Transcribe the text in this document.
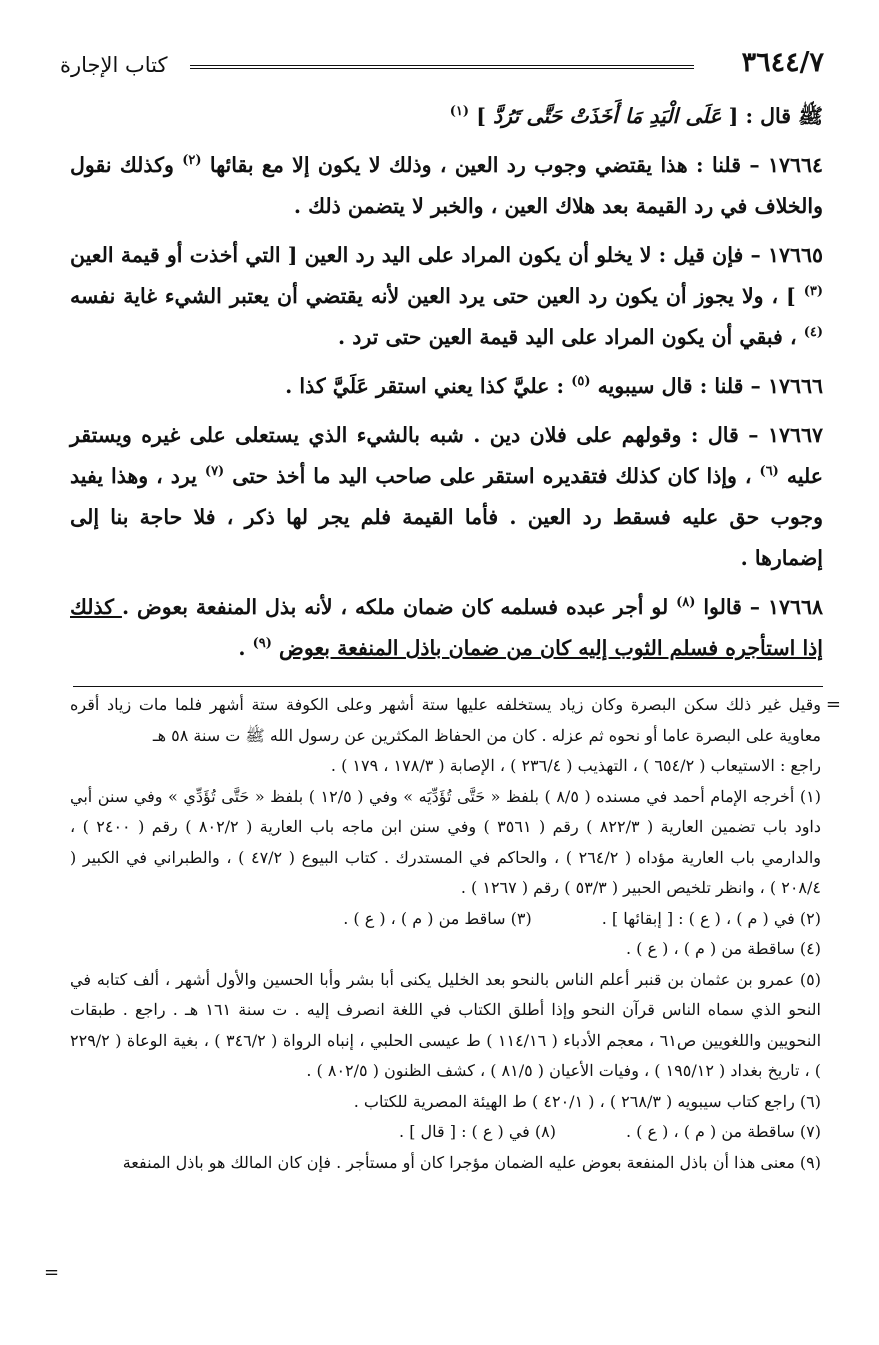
٣٦٤٤/٧
كتاب الإجارة

ﷺ قال : [ عَلَى الْيَدِ مَا أَخَذَتْ حَتَّى تَرُدَّ ] $^{(١)}$

١٧٦٦٤ – قلنا : هذا يقتضي وجوب رد العين ، وذلك لا يكون إلا مع بقائها $^{(٢)}$ وكذلك نقول والخلاف في رد القيمة بعد هلاك العين ، والخبر لا يتضمن ذلك .

١٧٦٦٥ – فإن قيل : لا يخلو أن يكون المراد على اليد رد العين [ التي أخذت أو قيمة العين $^{(٣)}$ ] ، ولا يجوز أن يكون رد العين حتى يرد العين لأنه يقتضي أن يعتبر الشيء غاية نفسه $^{(٤)}$ ، فبقي أن يكون المراد على اليد قيمة العين حتى ترد .

١٧٦٦٦ – قلنا : قال سيبويه $^{(٥)}$ : عليَّ كذا يعني استقر عَلَيَّ كذا .

١٧٦٦٧ – قال : وقولهم على فلان دين . شبه بالشيء الذي يستعلى على غيره ويستقر عليه $^{(٦)}$ ، وإذا كان كذلك فتقديره استقر على صاحب اليد ما أخذ حتى $^{(٧)}$ يرد ، وهذا يفيد وجوب حق عليه فسقط رد العين . فأما القيمة فلم يجر لها ذكر ، فلا حاجة بنا إلى إضمارها .

١٧٦٦٨ – قالوا $^{(٨)}$ لو أجر عبده فسلمه كان ضمان ملكه ، لأنه بذل المنفعة بعوض . كذلك إذا استأجره فسلم الثوب إليه كان من ضمان باذل المنفعة بعوض $^{(٩)}$ .

=

وقيل غير ذلك سكن البصرة وكان زياد يستخلفه عليها ستة أشهر وعلى الكوفة ستة أشهر فلما مات زياد أقره معاوية على البصرة عاما أو نحوه ثم عزله . كان من الحفاظ المكثرين عن رسول الله ﷺ ت سنة ٥٨ هـ

راجع : الاستيعاب ( ٦٥٤/٢ ) ، التهذيب ( ٢٣٦/٤ ) ، الإصابة ( ١٧٨/٣ ، ١٧٩ ) .

(١) أخرجه الإمام أحمد في مسنده ( ٨/٥ ) بلفظ « حَتَّى تُؤَدِّيَه » وفي ( ١٢/٥ ) بلفظ « حَتَّى تُؤَدِّي » وفي سنن أبي داود باب تضمين العارية ( ٨٢٢/٣ ) رقم ( ٣٥٦١ ) وفي سنن ابن ماجه باب العارية ( ٨٠٢/٢ ) رقم ( ٢٤٠٠ ) ، والدارمي باب العارية مؤداه ( ٢٦٤/٢ ) ، والحاكم في المستدرك . كتاب البيوع ( ٤٧/٢ ) ، والطبراني في الكبير ( ٢٠٨/٤ ) ، وانظر تلخيص الحبير ( ٥٣/٣ ) رقم ( ١٢٦٧ ) .

(٢) في ( م ) ، ( ع ) : [ إبقائها ] .
(٣) ساقط من ( م ) ، ( ع ) .

(٤) ساقطة من ( م ) ، ( ع ) .

(٥) عمرو بن عثمان بن قنبر أعلم الناس بالنحو بعد الخليل يكنى أبا بشر وأبا الحسين والأول أشهر ، ألف كتابه في النحو الذي سماه الناس قرآن النحو وإذا أطلق الكتاب في اللغة انصرف إليه . ت سنة ١٦١ هـ . راجع . طبقات النحويين واللغويين ص٦١ ، معجم الأدباء ( ١١٤/١٦ ) ط عيسى الحلبي ، إنباه الرواة ( ٣٤٦/٢ ) ، بغية الوعاة ( ٢٢٩/٢ ) ، تاريخ بغداد ( ١٩٥/١٢ ) ، وفيات الأعيان ( ٨١/٥ ) ، كشف الظنون ( ٨٠٢/٥ ) .

(٦) راجع كتاب سيبويه ( ٢٦٨/٣ ) ، ( ٤٢٠/١ ) ط الهيئة المصرية للكتاب .

(٧) ساقطة من ( م ) ، ( ع ) .
(٨) في ( ع ) : [ قال ] .

(٩) معنى هذا أن باذل المنفعة بعوض عليه الضمان مؤجرا كان أو مستأجر . فإن كان المالك هو باذل المنفعة

=
